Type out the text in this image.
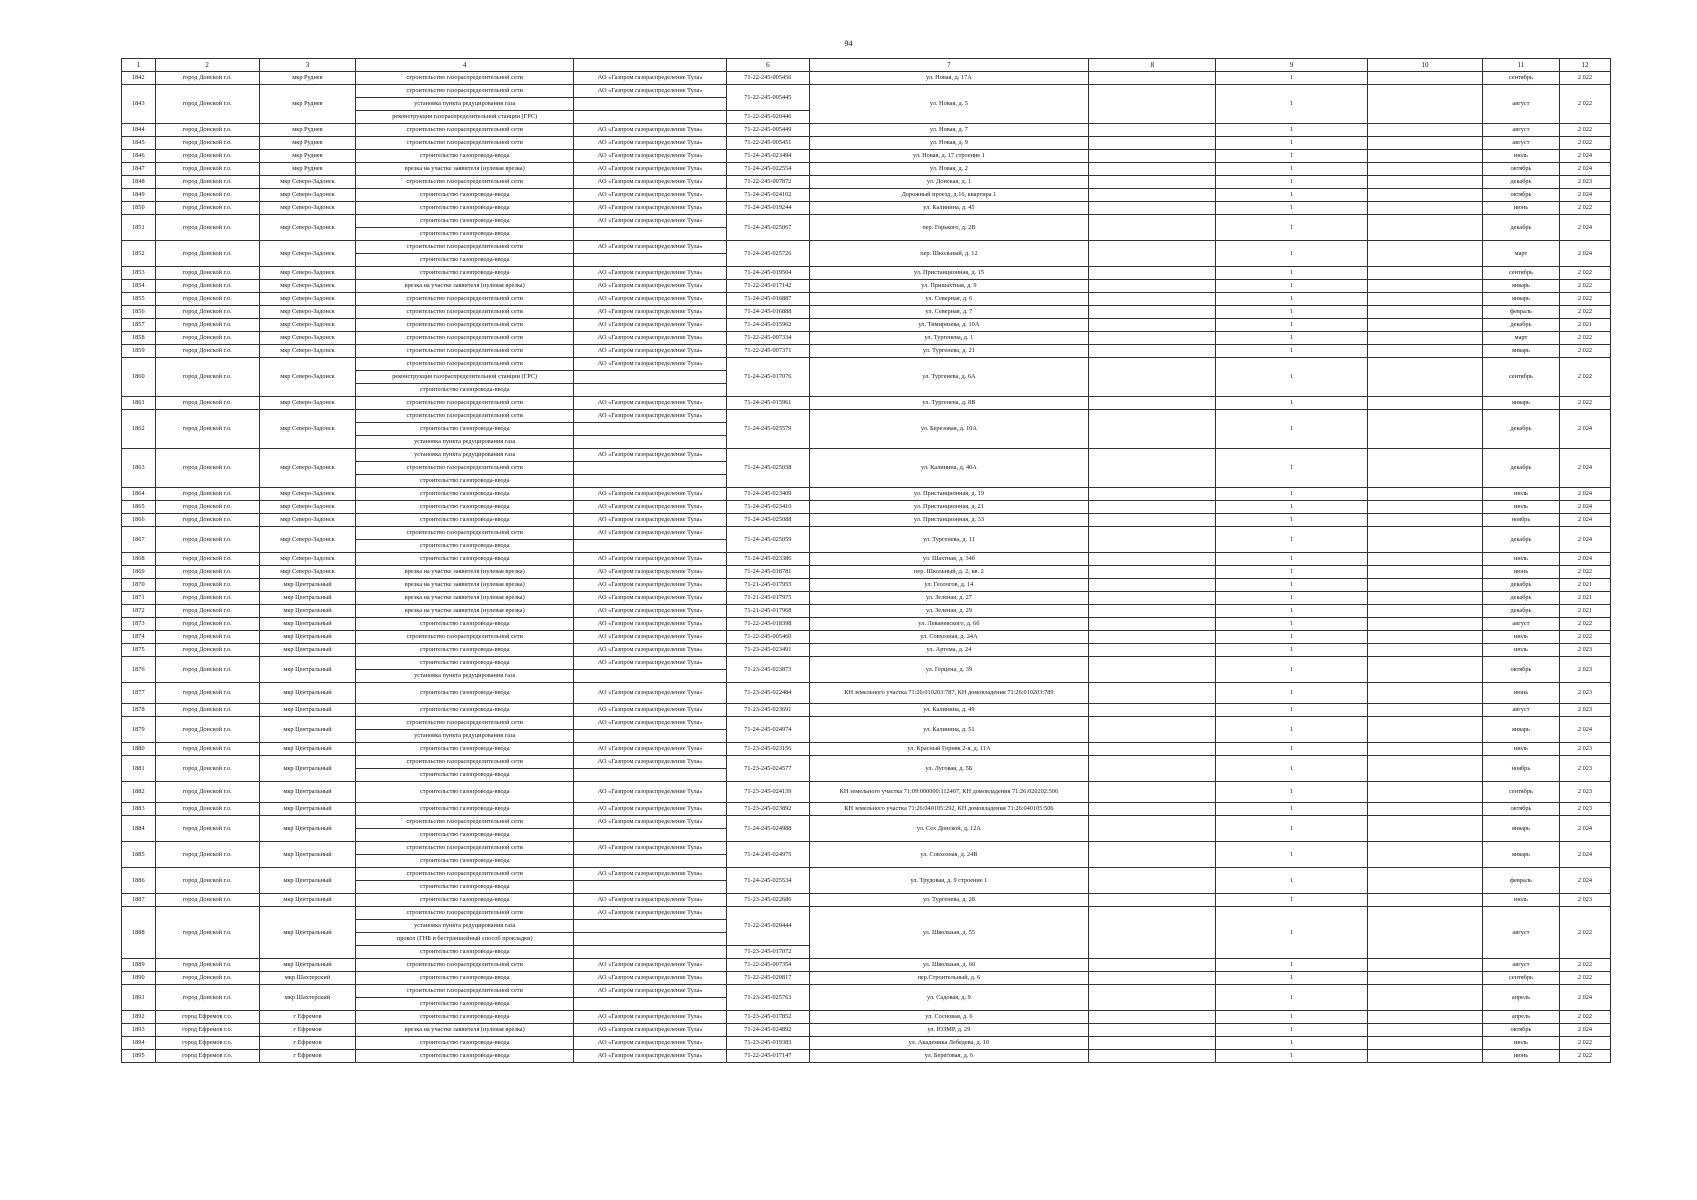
94
1	2	3	4		6	7	8	9	10	11	12
1842	город Донской г.о.	мкр Руднев	строительство газораспределительной сети	АО «Газпром газораспределение Тула»	71-22-245-005456	ул. Новая, д. 17А		1		сентябрь	2 022
1843	город Донской г.о.	мкр Руднев	строительство газораспределительной сети	АО «Газпром газораспределение Тула»	71-22-245-005445	ул. Новая, д. 5		1		август	2 022
			установка пункта редуцирования газа								
			реконструкция газораспределительной станции (ГРС)		71-22-245-020446						
1844	город Донской г.о.	мкр Руднев	строительство газораспределительной сети	АО «Газпром газораспределение Тула»	71-22-245-005449	ул. Новая, д. 7		1		август	2 022
1845	город Донской г.о.	мкр Руднев	строительство газораспределительной сети	АО «Газпром газораспределение Тула»	71-22-245-005451	ул. Новая, д. 9		1		август	2 022
1846	город Донской г.о.	мкр Руднев	строительство газопровода-ввода	АО «Газпром газораспределение Тула»	71-24-245-023494	ул. Новая, д. 17 строение 1		1		июль	2 024
1847	город Донской г.о.	мкр Руднев	врезка на участке заявителя (нулевая врезка)	АО «Газпром газораспределение Тула»	71-24-245-022554	ул. Новая, д. 2		1		октябрь	2 024
1848	город Донской г.о.	мкр Северо-Задонск	строительство газораспределительной сети	АО «Газпром газораспределение Тула»	71-22-245-007872	ул. Донская, д. 1		1		декабрь	2 023
1849	город Донской г.о.	мкр Северо-Задонск	строительство газопровода-ввода	АО «Газпром газораспределение Тула»	71-24-245-024102	Дорожный проезд, д.16, квартира 1		1		октябрь	2 024
1850	город Донской г.о.	мкр Северо-Задонск	строительство газопровода-ввода	АО «Газпром газораспределение Тула»	71-24-245-019244	ул. Калинина, д. 45		1		июнь	2 022
1851	город Донской г.о.	мкр Северо-Задонск	строительство газопровода-ввода	АО «Газпром газораспределение Тула»	71-24-245-025067	пер. Горького, д. 2В		1		декабрь	2 024
			строительство газопровода-ввода								
1852	город Донской г.о.	мкр Северо-Задонск	строительство газораспределительной сети	АО «Газпром газораспределение Тула»	71-24-245-025726	пер. Школьный, д. 12		1		март	2 024
			строительство газопровода-ввода								
1853	город Донской г.о.	мкр Северо-Задонск	строительство газопровода-ввода	АО «Газпром газораспределение Тула»	71-24-245-019504	ул. Пристанционная, д. 15		1		сентябрь	2 022
1854	город Донской г.о.	мкр Северо-Задонск	врезка на участке заявителя (нулевая врезка)	АО «Газпром газораспределение Тула»	71-22-245-017142	ул. Пришахтная, д. 9		1		январь	2 022
1855	город Донской г.о.	мкр Северо-Задонск	строительство газораспределительной сети	АО «Газпром газораспределение Тула»	71-24-245-016887	ул. Северная, д. 6		1		январь	2 022
1856	город Донской г.о.	мкр Северо-Задонск	строительство газораспределительной сети	АО «Газпром газораспределение Тула»	71-24-245-016888	ул. Северная, д. 7		1		февраль	2 022
1857	город Донской г.о.	мкр Северо-Задонск	строительство газораспределительной сети	АО «Газпром газораспределение Тула»	71-24-245-015962	ул. Тимирязева, д. 10А		1		декабрь	2 021
1858	город Донской г.о.	мкр Северо-Задонск	строительство газораспределительной сети	АО «Газпром газораспределение Тула»	71-22-245-007334	ул. Тургенева, д. 1		1		март	2 022
1859	город Донской г.о.	мкр Северо-Задонск	строительство газораспределительной сети	АО «Газпром газораспределение Тула»	71-22-245-007371	ул. Тургенева, д. 21		1		январь	2 022
1860	город Донской г.о.	мкр Северо-Задонск	строительство газораспределительной сети	АО «Газпром газораспределение Тула»	71-24-245-017076	ул. Тургенева, д. 6А		1		сентябрь	2 022
			реконструкция газораспределительной станции (ГРС)								
			строительство газопровода-ввода								
1861	город Донской г.о.	мкр Северо-Задонск	строительство газораспределительной сети	АО «Газпром газораспределение Тула»	71-24-245-015961	ул. Тургенева, д. 8В		1		январь	2 022
1862	город Донской г.о.	мкр Северо-Задонск	строительство газораспределительной сети	АО «Газпром газораспределение Тула»	71-24-245-025579	ул. Березовая, д. 10А		1		декабрь	2 024
			строительство газопровода-ввода								
			установка пункта редуцирования газа								
1863	город Донской г.о.	мкр Северо-Задонск	установка пункта редуцирования газа	АО «Газпром газораспределение Тула»	71-24-245-025038	ул. Калинина, д. 40А		1		декабрь	2 024
			строительство газораспределительной сети								
			строительство газопровода-ввода								
1864	город Донской г.о.	мкр Северо-Задонск	строительство газопровода-ввода	АО «Газпром газораспределение Тула»	71-24-245-023409	ул. Пристанционная, д. 19		1		июль	2 024
1865	город Донской г.о.	мкр Северо-Задонск	строительство газопровода-ввода	АО «Газпром газораспределение Тула»	71-24-245-023410	ул. Пристанционная, д. 21		1		июль	2 024
1866	город Донской г.о.	мкр Северо-Задонск	строительство газопровода-ввода	АО «Газпром газораспределение Тула»	71-24-245-025088	ул. Пристанционная, д. 33		1		ноябрь	2 024
1867	город Донской г.о.	мкр Северо-Задонск	строительство газораспределительной сети	АО «Газпром газораспределение Тула»	71-24-245-025059	ул. Тургенева, д. 11		1		декабрь	2 024
			строительство газопровода-ввода								
1868	город Донской г.о.	мкр Северо-Задонск	строительство газопровода-ввода	АО «Газпром газораспределение Тула»	71-24-245-023386	ул. Шахтная, д. 34б		1		июль	2 024
1869	город Донской г.о.	мкр Северо-Задонск	врезка на участке заявителя (нулевая врезка)	АО «Газпром газораспределение Тула»	71-24-245-018781	пер. Школьный, д. 2, кв. 2		1		июнь	2 022
1870	город Донской г.о.	мкр Центральный	врезка на участке заявителя (нулевая врезка)	АО «Газпром газораспределение Тула»	71-21-245-017955	ул. Геологов, д. 14		1		декабрь	2 021
1871	город Донской г.о.	мкр Центральный	врезка на участке заявителя (нулевая врезка)	АО «Газпром газораспределение Тула»	71-21-245-017975	ул. Зеленая, д. 27		1		декабрь	2 021
1872	город Донской г.о.	мкр Центральный	врезка на участке заявителя (нулевая врезка)	АО «Газпром газораспределение Тула»	71-21-245-017968	ул. Зеленая, д. 29		1		декабрь	2 021
1873	город Донской г.о.	мкр Центральный	строительство газопровода-ввода	АО «Газпром газораспределение Тула»	71-22-245-018398	ул. Леваневского, д. 6б		1		август	2 022
1874	город Донской г.о.	мкр Центральный	строительство газораспределительной сети	АО «Газпром газораспределение Тула»	71-22-245-005460	ул. Совхозная, д. 24А		1		июль	2 022
1875	город Донской г.о.	мкр Центральный	строительство газопровода-ввода	АО «Газпром газораспределение Тула»	71-23-245-023491	ул. Артема, д. 24		1		июль	2 023
1876	город Донской г.о.	мкр Центральный	строительство газопровода-ввода	АО «Газпром газораспределение Тула»	71-23-245-023873	ул. Герцена, д. 39		1		октябрь	2 023
			установка пункта редуцирования газа								
1877	город Донской г.о.	мкр Центральный	строительство газопровода-ввода	АО «Газпром газораспределение Тула»	71-23-245-022484	КН земельного участка 71:26:010203:787, КН домовладения 71:26:010203:789		1		июнь	2 023
1878	город Донской г.о.	мкр Центральный	строительство газопровода-ввода	АО «Газпром газораспределение Тула»	71-23-245-023691	ул. Калинина, д. 49		1		август	2 023
1879	город Донской г.о.	мкр Центральный	строительство газораспределительной сети	АО «Газпром газораспределение Тула»	71-24-245-024974	ул. Калинина, д. 51		1		январь	2 024
			установка пункта редуцирования газа								
1880	город Донской г.о.	мкр Центральный	строительство газопровода-ввода	АО «Газпром газораспределение Тула»	71-23-245-023156	ул. Красный Горняк 2-я, д. 11А		1		июль	2 023
1881	город Донской г.о.	мкр Центральный	строительство газораспределительной сети	АО «Газпром газораспределение Тула»	71-23-245-024577	ул. Луговая, д. 5Б		1		ноябрь	2 023
			строительство газопровода-ввода								
1882	город Донской г.о.	мкр Центральный	строительство газопровода-ввода	АО «Газпром газораспределение Тула»	71-23-245-024139	КН земельного участка 71:09:000000:112407, КН домовладения 71:26:020202:506		1		сентябрь	2 023
1883	город Донской г.о.	мкр Центральный	строительство газопровода-ввода	АО «Газпром газораспределение Тула»	71-23-245-023892	КН земельного участка 71:26:040105:292, КН домовладения 71:26:040105:506		1		октябрь	2 023
1884	город Донской г.о.	мкр Центральный	строительство газораспределительной сети	АО «Газпром газораспределение Тула»	71-24-245-024988	ул. Сех Донской, д. 12А		1		январь	2 024
			строительство газопровода-ввода								
1885	город Донской г.о.	мкр Центральный	строительство газораспределительной сети	АО «Газпром газораспределение Тула»	71-24-245-024975	ул. Совхозная, д. 24В		1		январь	2 024
			строительство газопровода-ввода								
1886	город Донской г.о.	мкр Центральный	строительство газораспределительной сети	АО «Газпром газораспределение Тула»	71-24-245-025534	ул. Трудовая, д. 9 строение 1		1		февраль	2 024
			строительство газопровода-ввода								
1887	город Донской г.о.	мкр Центральный	строительство газопровода-ввода	АО «Газпром газораспределение Тула»	71-23-245-022686	ул. Тургенева, д. 28		1		июль	2 023
1888	город Донской г.о.	мкр Центральный	строительство газораспределительной сети	АО «Газпром газораспределение Тула»	71-22-245-020444	ул. Школьная, д. 55		1		август	2 022
			установка пункта редуцирования газа								
			прокол (ГНБ и бестраншейный способ прокладки)								
			строительство газопровода-ввода		71-23-245-017072						
1889	город Донской г.о.	мкр Центральный	строительство газораспределительной сети	АО «Газпром газораспределение Тула»	71-22-245-007354	ул. Школьная, д. 60		1		август	2 022
1890	город Донской г.о.	мкр Шахтерский	строительство газопровода-ввода	АО «Газпром газораспределение Тула»	71-22-245-020817	пер.Строительный, д. 6		1		сентябрь	2 022
1891	город Донской г.о.	мкр Шахтерский	строительство газораспределительной сети	АО «Газпром газораспределение Тула»	71-23-245-025763	ул. Садовая, д. 9		1		апрель	2 024
			строительство газопровода-ввода								
1892	город Ефремов г.о.	г Ефремов	строительство газопровода-ввода	АО «Газпром газораспределение Тула»	71-23-245-017852	ул. Сосновая, д. 6		1		апрель	2 022
1893	город Ефремов г.о.	г Ефремов	врезка на участке заявителя (нулевая врезка)	АО «Газпром газораспределение Тула»	71-24-245-024892	ул. ЮЗМР, д. 29		1		октябрь	2 024
1894	город Ефремов г.о.	г Ефремов	строительство газопровода-ввода	АО «Газпром газораспределение Тула»	71-23-245-019383	ул. Академика Лебедева, д. 10		1		июль	2 022
1895	город Ефремов г.о.	г Ефремов	строительство газопровода-ввода	АО «Газпром газораспределение Тула»	71-22-245-017147	ул. Береговая, д. 6		1		июнь	2 022
